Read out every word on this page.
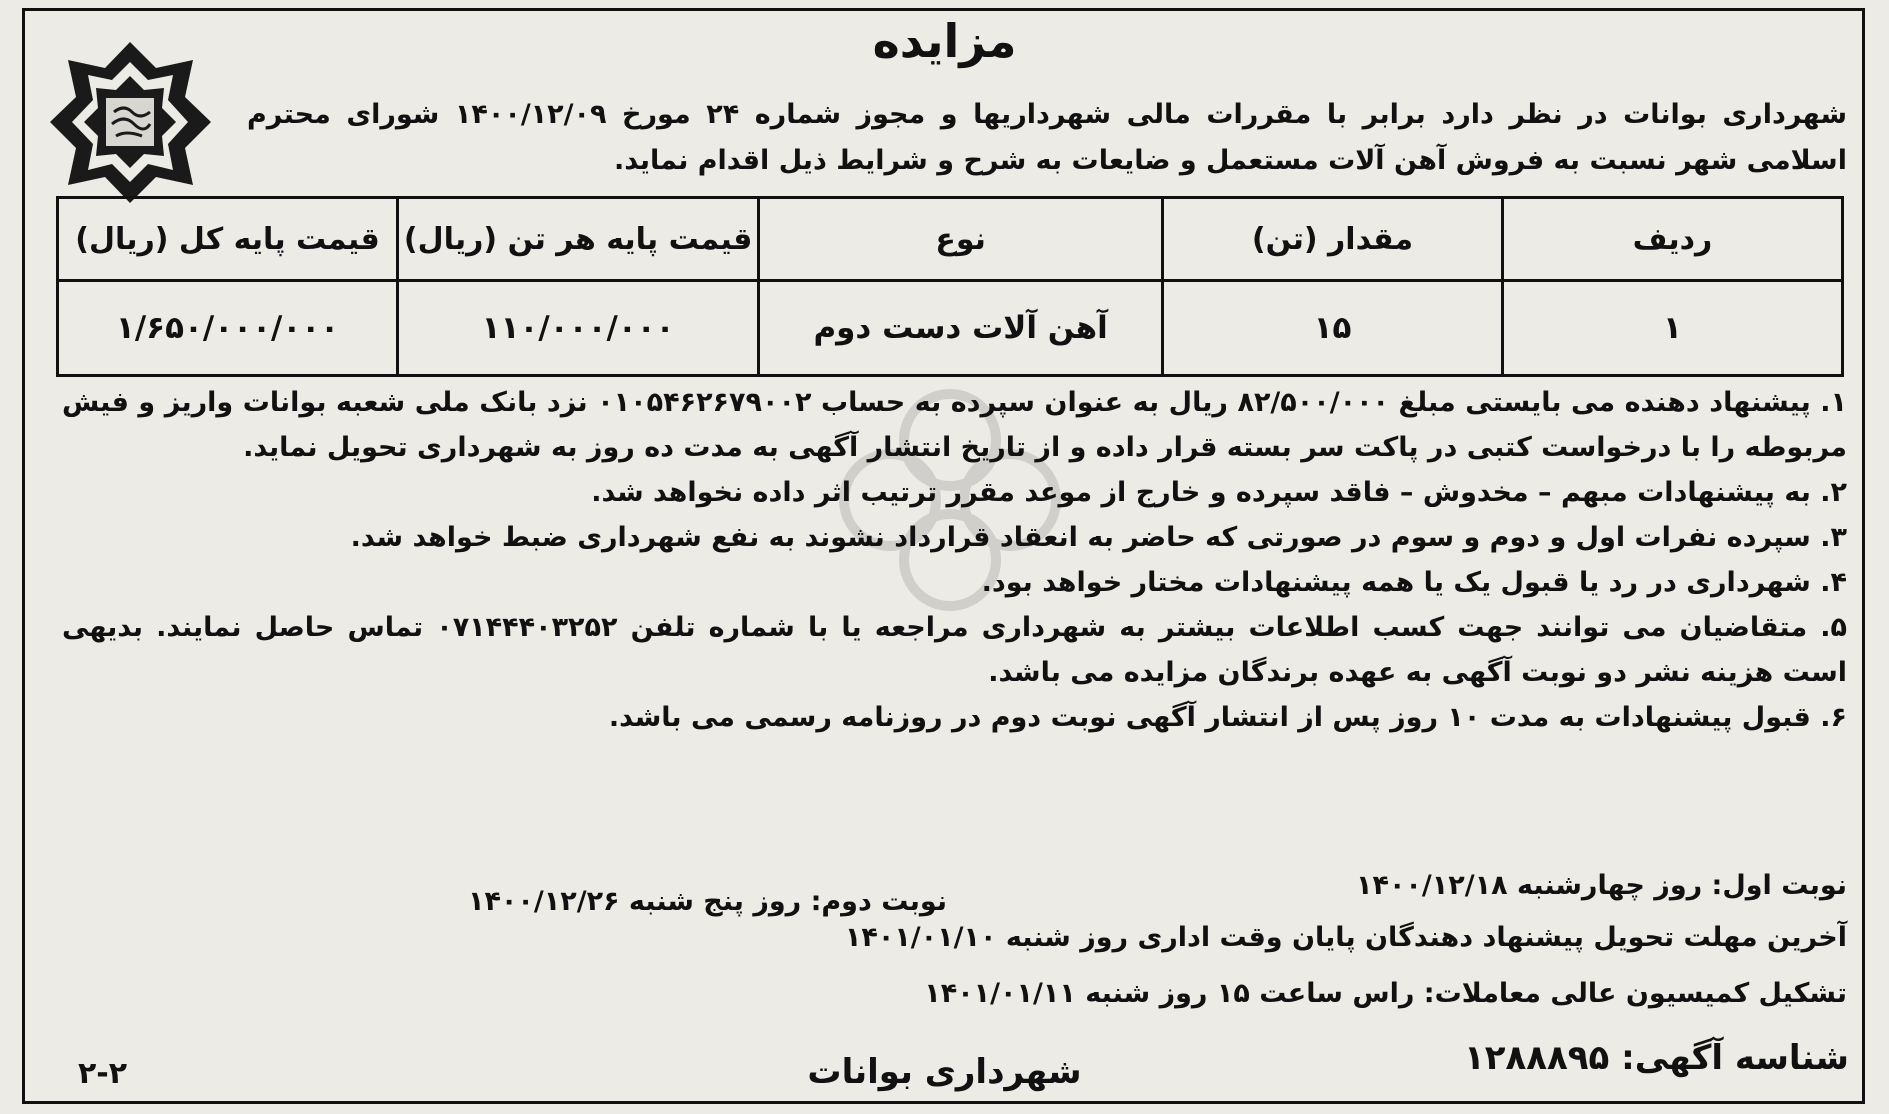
مزایده
شهرداری بوانات در نظر دارد برابر با مقررات مالی شهرداریها و مجوز شماره ۲۴ مورخ ۱۴۰۰/۱۲/۰۹ شورای محترم اسلامی شهر نسبت به فروش آهن آلات مستعمل و ضایعات به شرح و شرایط ذیل اقدام نماید.
ردیف	مقدار (تن)	نوع	قیمت پایه هر تن (ریال)	قیمت پایه کل (ریال)
۱	۱۵	آهن آلات دست دوم	۱۱۰/۰۰۰/۰۰۰	۱/۶۵۰/۰۰۰/۰۰۰

۱. پیشنهاد دهنده می بایستی مبلغ ۸۲/۵۰۰/۰۰۰ ریال به عنوان سپرده به حساب ۰۱۰۵۴۶۲۶۷۹۰۰۲ نزد بانک ملی شعبه بوانات واریز و فیش مربوطه را با درخواست کتبی در پاکت سر بسته قرار داده و از تاریخ انتشار آگهی به مدت ده روز به شهرداری تحویل نماید.

۲. به پیشنهادات مبهم – مخدوش – فاقد سپرده و خارج از موعد مقرر ترتیب اثر داده نخواهد شد.

۳. سپرده نفرات اول و دوم و سوم در صورتی که حاضر به انعقاد قرارداد نشوند به نفع شهرداری ضبط خواهد شد.

۴. شهرداری در رد یا قبول یک یا همه پیشنهادات مختار خواهد بود.

۵. متقاضیان می توانند جهت کسب اطلاعات بیشتر به شهرداری مراجعه یا با شماره تلفن ۰۷۱۴۴۴۰۳۲۵۲ تماس حاصل نمایند. بدیهی است هزینه نشر دو نوبت آگهی به عهده برندگان مزایده می باشد.

۶. قبول پیشنهادات به مدت ۱۰ روز پس از انتشار آگهی نوبت دوم در روزنامه رسمی می باشد.

نوبت اول: روز چهارشنبه ۱۴۰۰/۱۲/۱۸
نوبت دوم: روز پنج شنبه ۱۴۰۰/۱۲/۲۶
آخرین مهلت تحویل پیشنهاد دهندگان پایان وقت اداری روز شنبه ۱۴۰۱/۰۱/۱۰
تشکیل کمیسیون عالی معاملات: راس ساعت ۱۵ روز شنبه ۱۴۰۱/۰۱/۱۱
شناسه آگهی: ۱۲۸۸۸۹۵
شهرداری بوانات
۲-۲
